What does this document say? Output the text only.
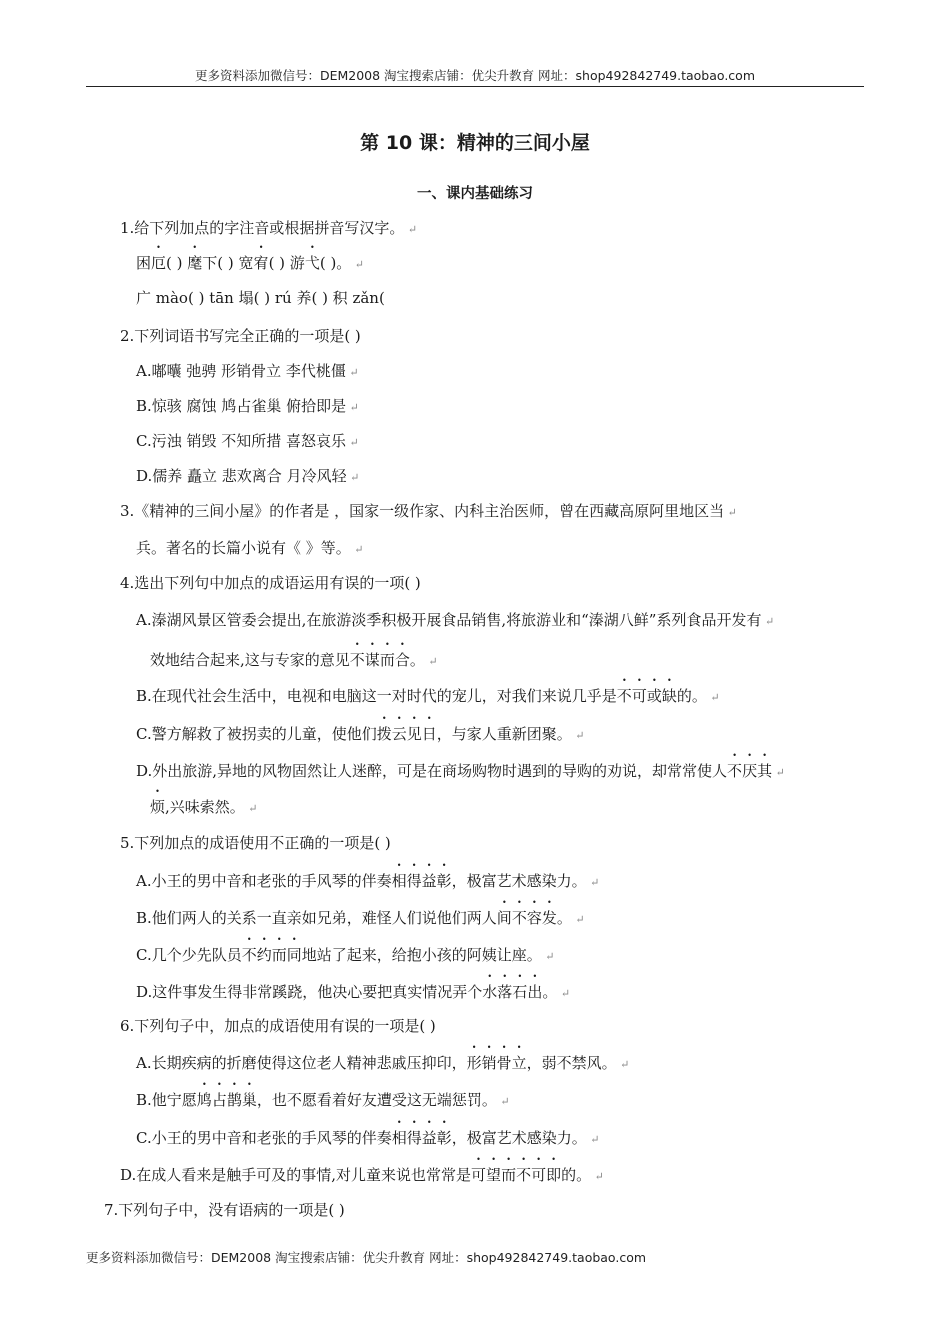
更多资料添加微信号：DEM2008 淘宝搜索店铺：优尖升教育 网址：shop492842749.taobao.com
第 10 课：精神的三间小屋
一、课内基础练习
1.给下列加点的字注音或根据拼音写汉字。 ↵
困厄( ) 麾下( ) 宽宥( ) 游弋( )。 ↵
广 mào( ) tān 塌( ) rú 养( ) 积 zǎn(
2.下列词语书写完全正确的一项是( )
A.嘟囔 弛骋 形销骨立 李代桃僵 ↵
B.惊骇 腐蚀 鸠占雀巢 俯拾即是 ↵
C.污浊 销毁 不知所措 喜怒哀乐 ↵
D.儒养 矗立 悲欢离合 月冷风轻 ↵
3.《精神的三间小屋》的作者是 ，国家一级作家、内科主治医师，曾在西藏高原阿里地区当 ↵
兵。著名的长篇小说有《 》等。 ↵
4.选出下列句中加点的成语运用有误的一项( )
A.溱湖风景区管委会提出,在旅游淡季积极开展食品销售,将旅游业和“溱湖八鲜”系列食品开发有 ↵
效地结合起来,这与专家的意见不谋而合。 ↵
B.在现代社会生活中，电视和电脑这一对时代的宠儿，对我们来说几乎是不可或缺的。 ↵
C.警方解救了被拐卖的儿童，使他们拨云见日，与家人重新团聚。 ↵
D.外出旅游,异地的风物固然让人迷醉，可是在商场购物时遇到的导购的劝说，却常常使人不厌其 ↵
烦,兴味索然。 ↵
5.下列加点的成语使用不正确的一项是( )
A.小王的男中音和老张的手风琴的伴奏相得益彰，极富艺术感染力。 ↵
B.他们两人的关系一直亲如兄弟，难怪人们说他们两人间不容发。 ↵
C.几个少先队员不约而同地站了起来，给抱小孩的阿姨让座。 ↵
D.这件事发生得非常蹊跷，他决心要把真实情况弄个水落石出。 ↵
6.下列句子中，加点的成语使用有误的一项是( )
A.长期疾病的折磨使得这位老人精神悲戚压抑印，形销骨立，弱不禁风。 ↵
B.他宁愿鸠占鹊巢，也不愿看着好友遭受这无端惩罚。 ↵
C.小王的男中音和老张的手风琴的伴奏相得益彰，极富艺术感染力。 ↵
D.在成人看来是触手可及的事情,对儿童来说也常常是可望而不可即的。 ↵
7.下列句子中，没有语病的一项是( )
更多资料添加微信号：DEM2008 淘宝搜索店铺：优尖升教育 网址：shop492842749.taobao.com
